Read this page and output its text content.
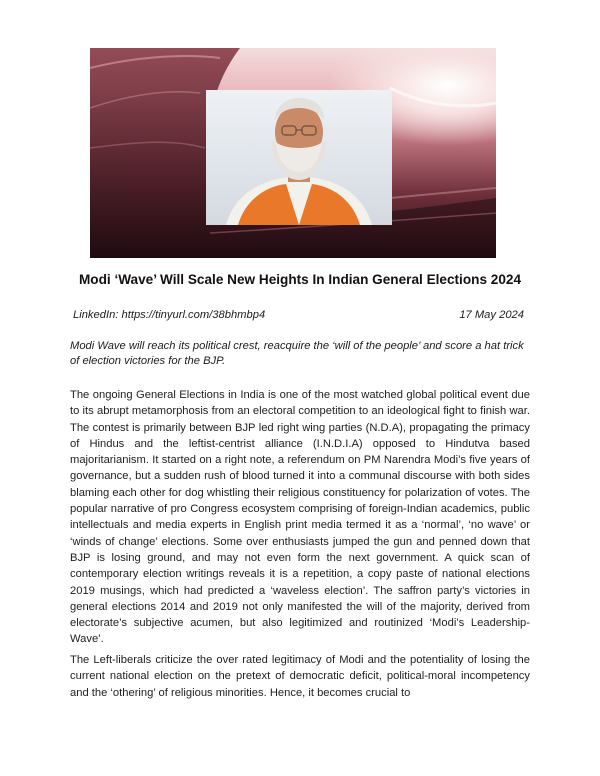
Modi ‘Wave’ Will Scale New Heights In Indian General Elections 2024
LinkedIn: https://tinyurl.com/38bhmbp4	17 May 2024
Modi Wave will reach its political crest, reacquire the ‘will of the people’ and score a hat trick of election victories for the BJP.
The ongoing General Elections in India is one of the most watched global political event due to its abrupt metamorphosis from an electoral competition to an ideological fight to finish war. The contest is primarily between BJP led right wing parties (N.D.A), propagating the primacy of Hindus and the leftist-centrist alliance (I.N.D.I.A) opposed to Hindutva based majoritarianism. It started on a right note, a referendum on PM Narendra Modi’s five years of governance, but a sudden rush of blood turned it into a communal discourse with both sides blaming each other for dog whistling their religious constituency for polarization of votes. The popular narrative of pro Congress ecosystem comprising of foreign-Indian academics, public intellectuals and media experts in English print media termed it as a ‘normal’, ‘no wave’ or ‘winds of change’ elections. Some over enthusiasts jumped the gun and penned down that BJP is losing ground, and may not even form the next government. A quick scan of contemporary election writings reveals it is a repetition, a copy paste of national elections 2019 musings, which had predicted a ‘waveless election’. The saffron party’s victories in general elections 2014 and 2019 not only manifested the will of the majority, derived from electorate’s subjective acumen, but also legitimized and routinized ‘Modi’s Leadership-Wave’.
The Left-liberals criticize the over rated legitimacy of Modi and the potentiality of losing the current national election on the pretext of democratic deficit, political-moral incompetency and the ‘othering’ of religious minorities. Hence, it becomes crucial to
